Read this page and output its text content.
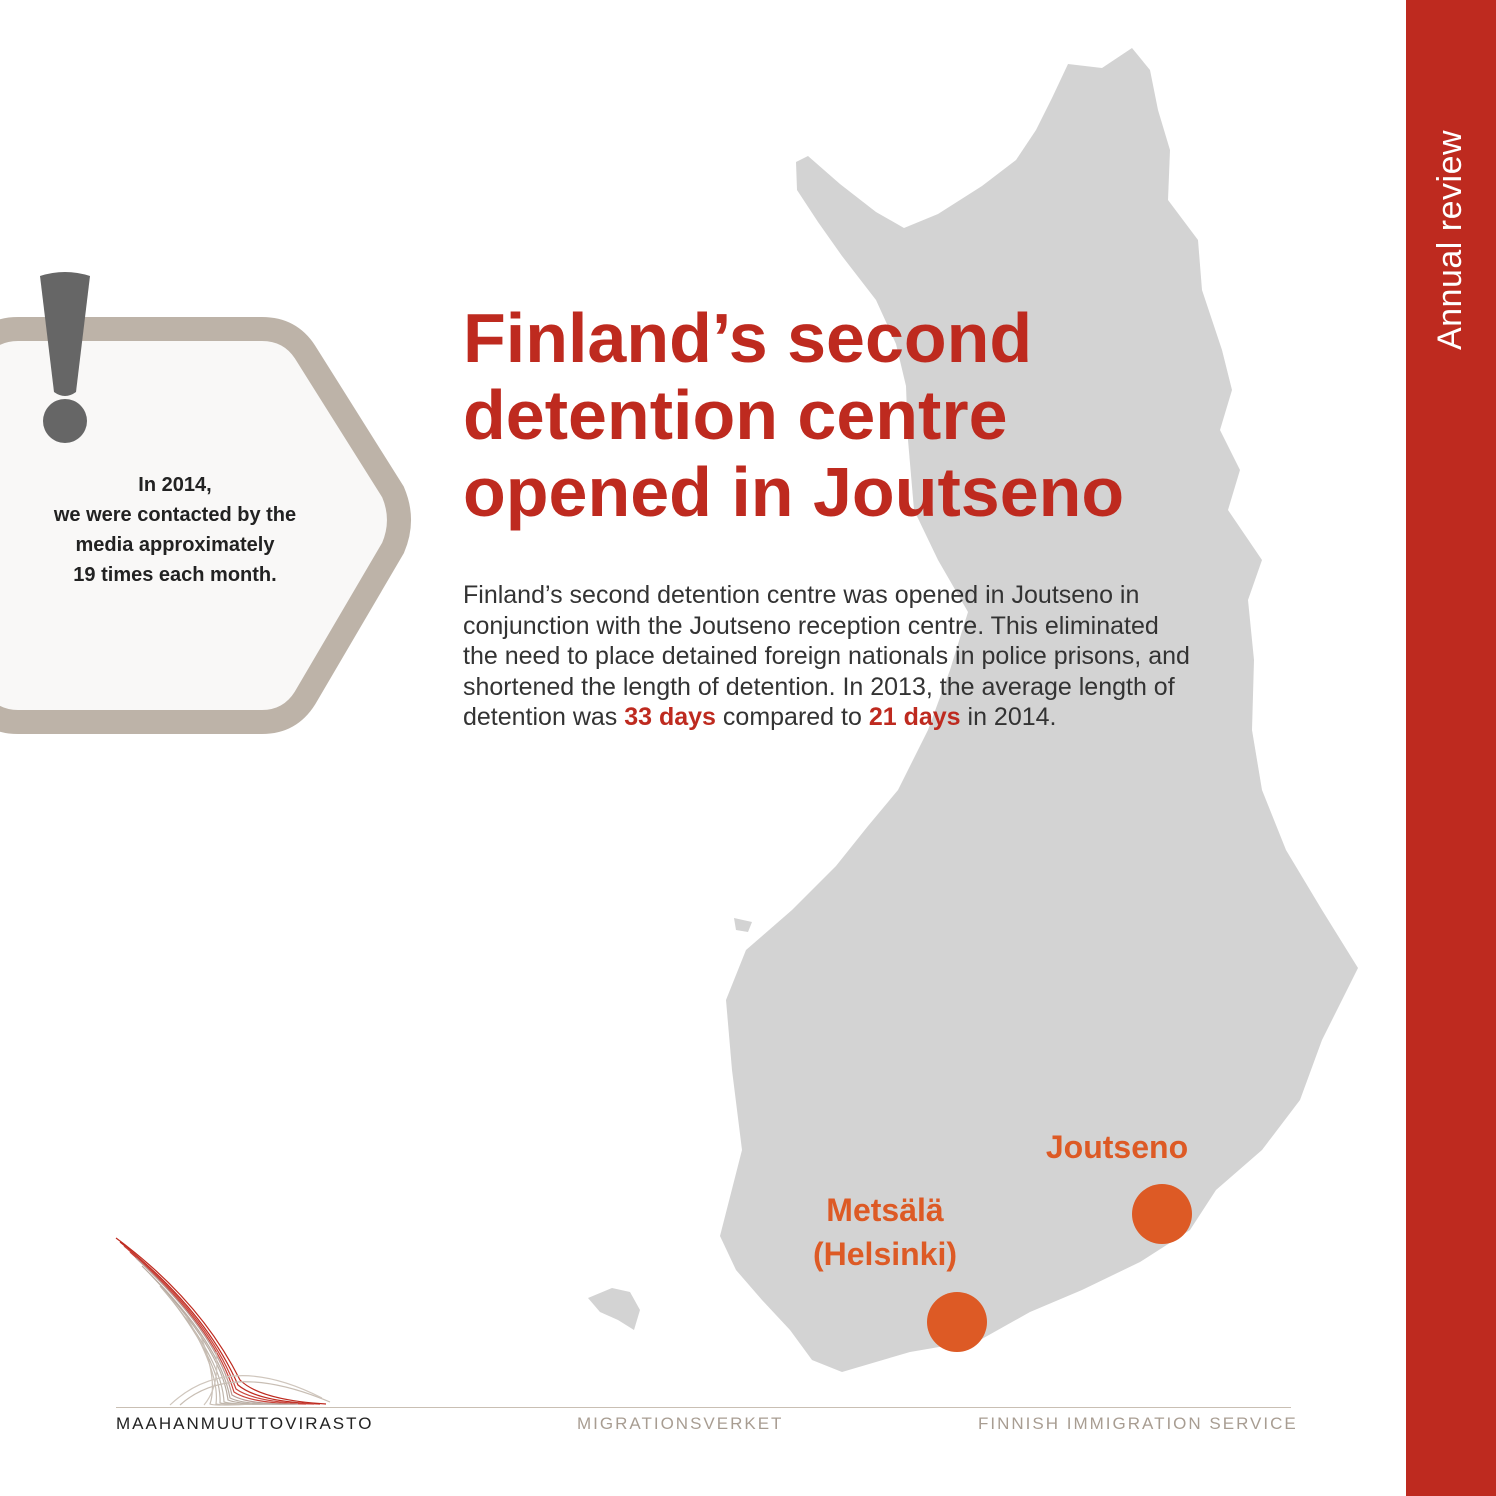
Annual review
Finland’s second
detention centre
opened in Joutseno

Finland’s second detention centre was opened in Joutseno in
conjunction with the Joutseno reception centre. This eliminated
the need to place detained foreign nationals in police prisons, and
shortened the length of detention. In 2013, the average length of
detention was 33 days compared to 21 days in 2014.

In 2014,
we were contacted by the
media approximately
19 times each month.
Joutseno
Metsälä
(Helsinki)
MAAHANMUUTTOVIRASTO	MIGRATIONSVERKET	FINNISH IMMIGRATION SERVICE
